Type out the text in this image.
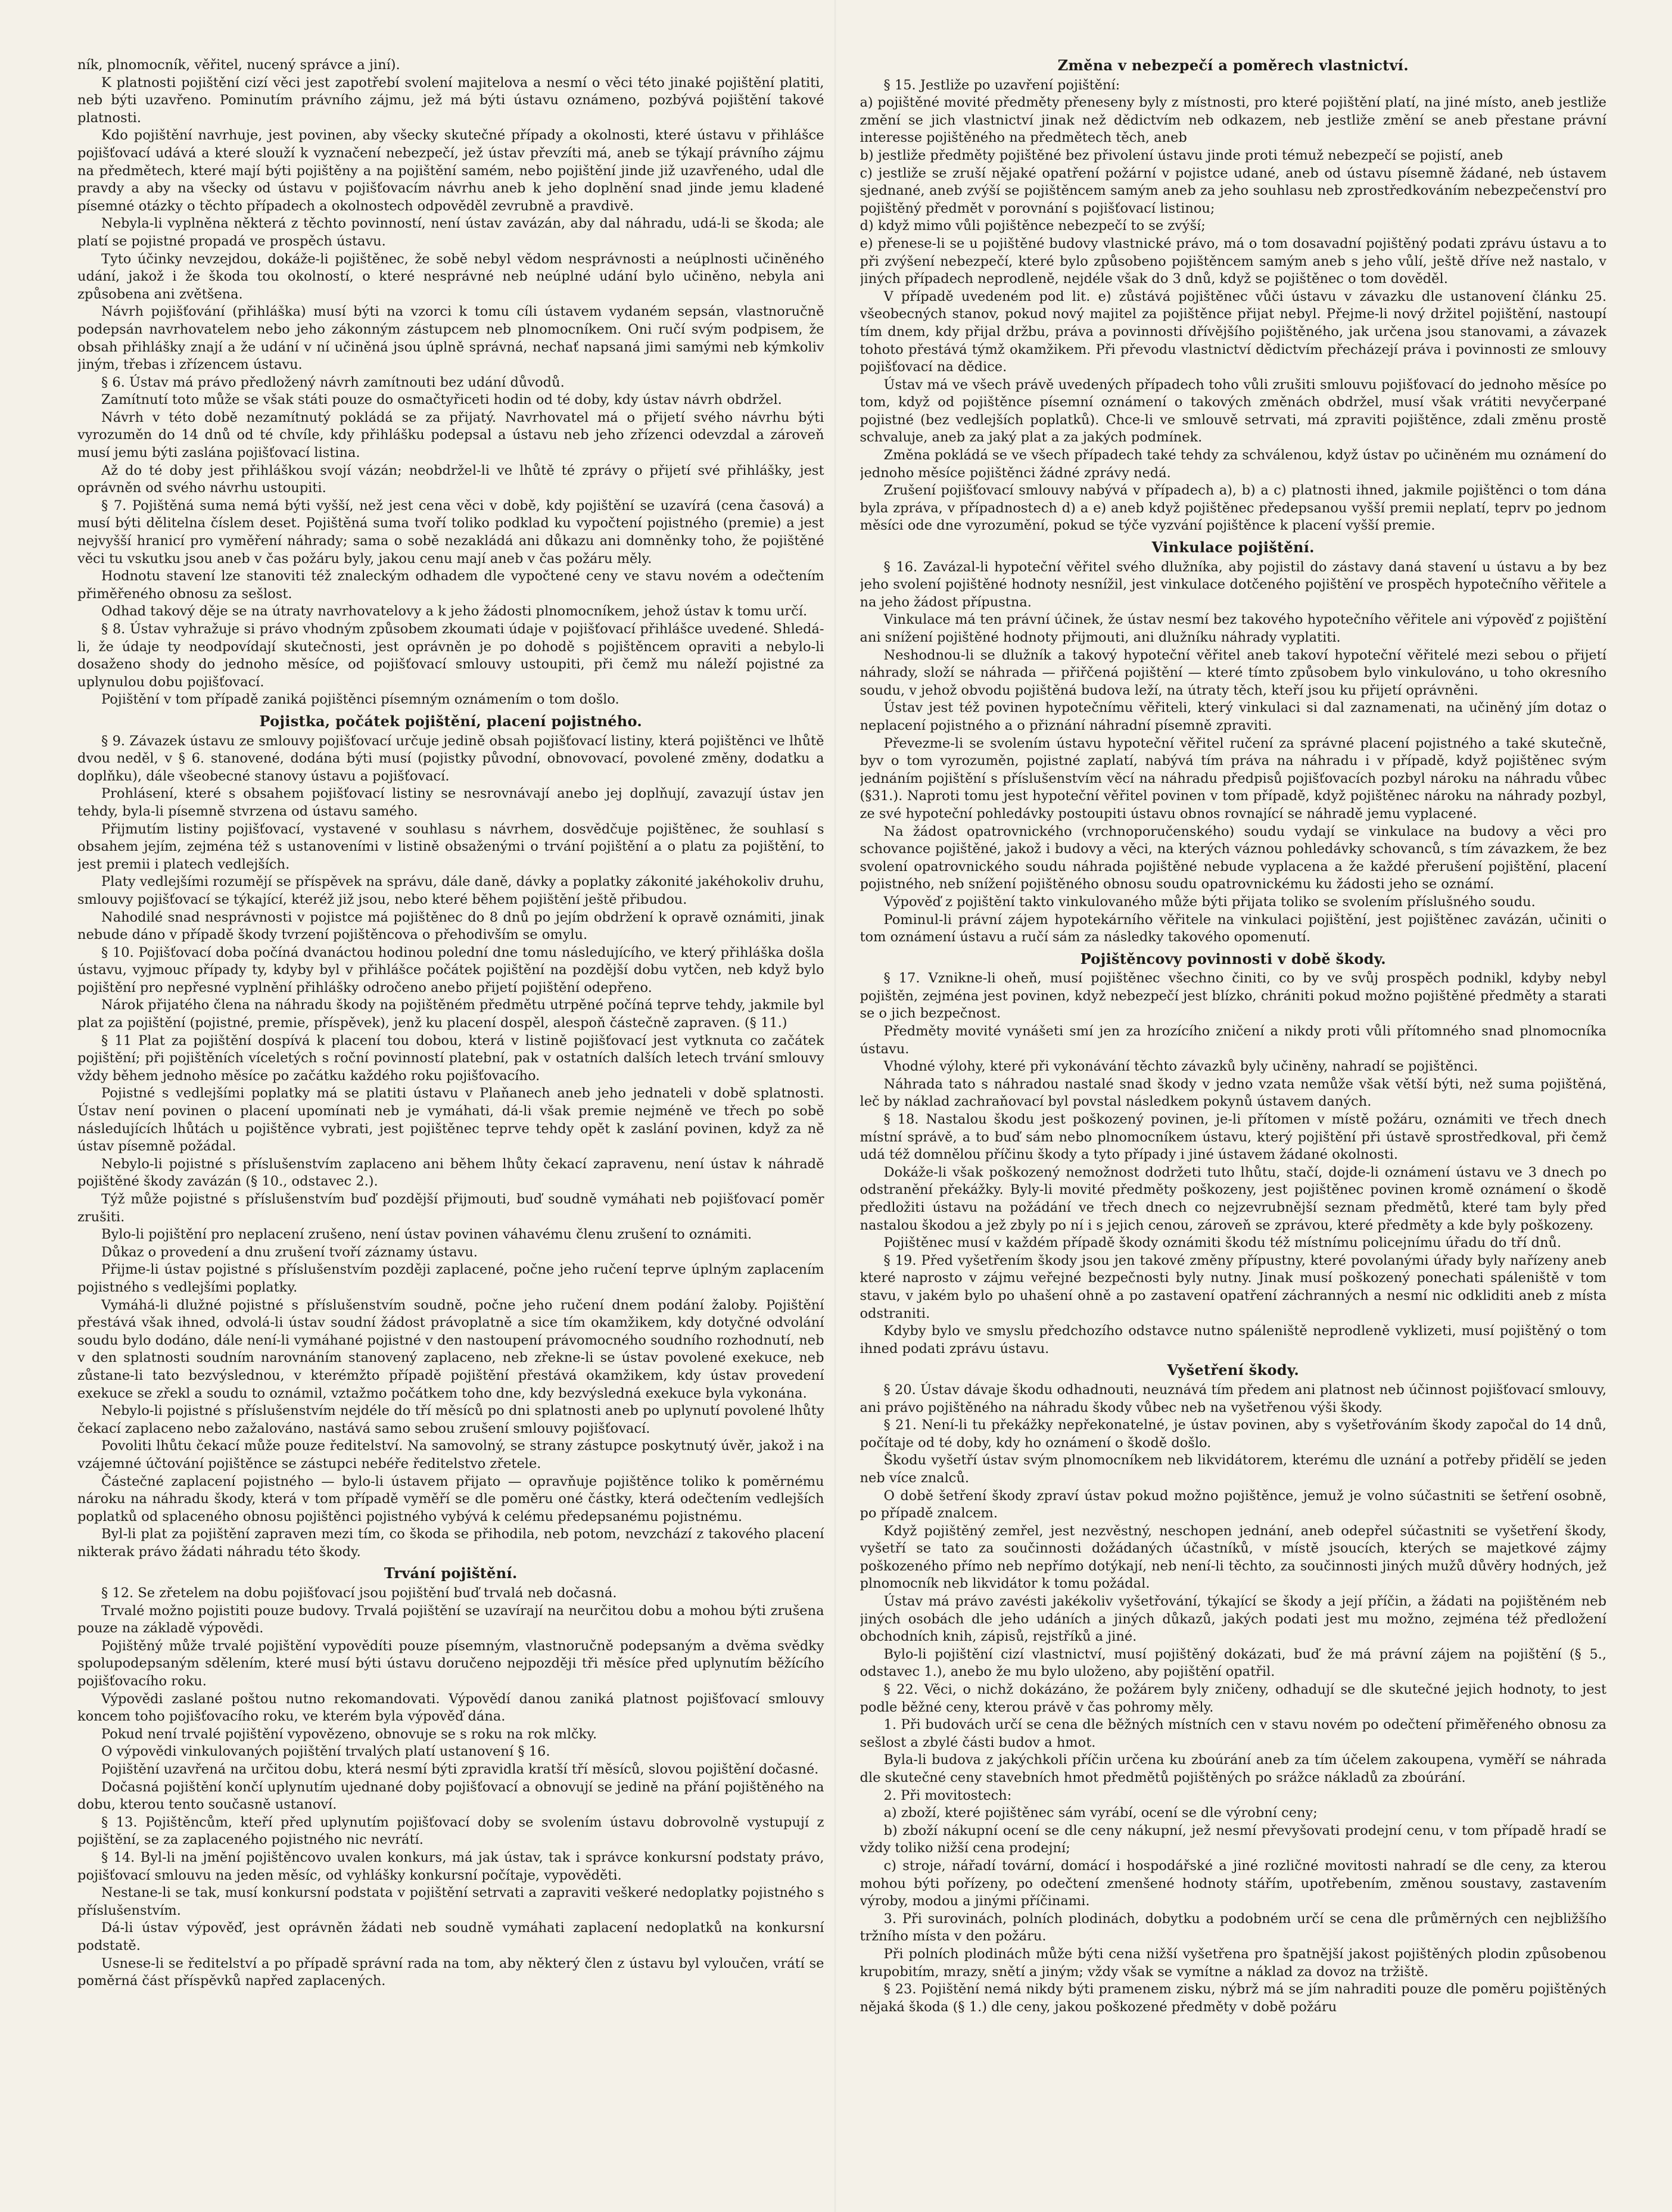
ník, plnomocník, věřitel, nucený správce a jiní).

K platnosti pojištění cizí věci jest zapotřebí svolení majitelova a nesmí o věci této jinaké pojištění platiti, neb býti uzavřeno. Pominutím právního zájmu, jež má býti ústavu oznámeno, pozbývá pojištění takové platnosti.

Kdo pojištění navrhuje, jest povinen, aby všecky skutečné případy a okolnosti, které ústavu v přihlášce pojišťovací udává a které slouží k vyznačení nebezpečí, jež ústav převzíti má, aneb se týkají právního zájmu na předmětech, které mají býti pojištěny a na pojištění samém, nebo pojištění jinde již uzavřeného, udal dle pravdy a aby na všecky od ústavu v pojišťovacím návrhu aneb k jeho doplnění snad jinde jemu kladené písemné otázky o těchto případech a okolnostech odpověděl zevrubně a pravdivě.

Nebyla-li vyplněna některá z těchto povinností, není ústav zavázán, aby dal náhradu, udá-li se škoda; ale platí se pojistné propadá ve prospěch ústavu.

Tyto účinky nevzejdou, dokáže-li pojištěnec, že sobě nebyl vědom nesprávnosti a neúplnosti učiněného udání, jakož i že škoda tou okolností, o které nesprávné neb neúplné udání bylo učiněno, nebyla ani způsobena ani zvětšena.

Návrh pojišťování (přihláška) musí býti na vzorci k tomu cíli ústavem vydaném sepsán, vlastnoručně podepsán navrhovatelem nebo jeho zákonným zástupcem neb plnomocníkem. Oni ručí svým podpisem, že obsah přihlášky znají a že udání v ní učiněná jsou úplně správná, nechať napsaná jimi samými neb kýmkoliv jiným, třebas i zřízencem ústavu.

§ 6. Ústav má právo předložený návrh zamítnouti bez udání důvodů.

Zamítnutí toto může se však státi pouze do osmačtyřiceti hodin od té doby, kdy ústav návrh obdržel.

Návrh v této době nezamítnutý pokládá se za přijatý. Navrhovatel má o přijetí svého návrhu býti vyrozuměn do 14 dnů od té chvíle, kdy přihlášku podepsal a ústavu neb jeho zřízenci odevzdal a zároveň musí jemu býti zaslána pojišťovací listina.

Až do té doby jest přihláškou svojí vázán; neobdržel-li ve lhůtě té zprávy o přijetí své přihlášky, jest oprávněn od svého návrhu ustoupiti.

§ 7. Pojištěná suma nemá býti vyšší, než jest cena věci v době, kdy pojištění se uzavírá (cena časová) a musí býti dělitelna číslem deset. Pojištěná suma tvoří toliko podklad ku vypočtení pojistného (premie) a jest nejvyšší hranicí pro vyměření náhrady; sama o sobě nezakládá ani důkazu ani domněnky toho, že pojištěné věci tu vskutku jsou aneb v čas požáru byly, jakou cenu mají aneb v čas požáru měly.

Hodnotu stavení lze stanoviti též znaleckým odhadem dle vypočtené ceny ve stavu novém a odečtením přiměřeného obnosu za sešlost.

Odhad takový děje se na útraty navrhovatelovy a k jeho žádosti plnomocníkem, jehož ústav k tomu určí.

§ 8. Ústav vyhražuje si právo vhodným způsobem zkoumati údaje v pojišťovací přihlášce uvedené. Shledá-li, že údaje ty neodpovídají skutečnosti, jest oprávněn je po dohodě s pojištěncem opraviti a nebylo-li dosaženo shody do jednoho měsíce, od pojišťovací smlouvy ustoupiti, při čemž mu náleží pojistné za uplynulou dobu pojišťovací.

Pojištění v tom případě zaniká pojištěnci písemným oznámením o tom došlo.

Pojistka, počátek pojištění, placení pojistného.

§ 9. Závazek ústavu ze smlouvy pojišťovací určuje jedině obsah pojišťovací listiny, která pojištěnci ve lhůtě dvou neděl, v § 6. stanovené, dodána býti musí (pojistky původní, obnovovací, povolené změny, dodatku a doplňku), dále všeobecné stanovy ústavu a pojišťovací.

Prohlásení, které s obsahem pojišťovací listiny se nesrovnávají anebo jej doplňují, zavazují ústav jen tehdy, byla-li písemně stvrzena od ústavu samého.

Přijmutím listiny pojišťovací, vystavené v souhlasu s návrhem, dosvědčuje pojištěnec, že souhlasí s obsahem jejím, zejména též s ustanoveními v listině obsaženými o trvání pojištění a o platu za pojištění, to jest premii i platech vedlejších.

Platy vedlejšími rozumějí se příspěvek na správu, dále daně, dávky a poplatky zákonité jakéhokoliv druhu, smlouvy pojišťovací se týkající, kteréž již jsou, nebo které během pojištění ještě přibudou.

Nahodilé snad nesprávnosti v pojistce má pojištěnec do 8 dnů po jejím obdržení k opravě oznámiti, jinak nebude dáno v případě škody tvrzení pojištěncova o přehodivším se omylu.

§ 10. Pojišťovací doba počíná dvanáctou hodinou polední dne tomu následujícího, ve který přihláška došla ústavu, vyjmouc případy ty, kdyby byl v přihlášce počátek pojištění na pozdější dobu vytčen, neb když bylo pojištění pro nepřesné vyplnění přihlášky odročeno anebo přijetí pojištění odepřeno.

Nárok přijatého člena na náhradu škody na pojištěném předmětu utrpěné počíná teprve tehdy, jakmile byl plat za pojištění (pojistné, premie, příspěvek), jenž ku placení dospěl, alespoň částečně zapraven. (§ 11.)

§ 11 Plat za pojištění dospívá k placení tou dobou, která v listině pojišťovací jest vytknuta co začátek pojištění; při pojištěních víceletých s roční povinností platební, pak v ostatních dalších letech trvání smlouvy vždy během jednoho měsíce po začátku každého roku pojišťovacího.

Pojistné s vedlejšími poplatky má se platiti ústavu v Plaňanech aneb jeho jednateli v době splatnosti. Ústav není povinen o placení upomínati neb je vymáhati, dá-li však premie nejméně ve třech po sobě následujících lhůtách u pojištěnce vybrati, jest pojištěnec teprve tehdy opět k zaslání povinen, když za ně ústav písemně požádal.

Nebylo-li pojistné s příslušenstvím zaplaceno ani během lhůty čekací zapravenu, není ústav k náhradě pojištěné škody zavázán (§ 10., odstavec 2.).

Týž může pojistné s příslušenstvím buď pozdější přijmouti, buď soudně vymáhati neb pojišťovací poměr zrušiti.

Bylo-li pojištění pro neplacení zrušeno, není ústav povinen váhavému členu zrušení to oznámiti.

Důkaz o provedení a dnu zrušení tvoří záznamy ústavu.

Přijme-li ústav pojistné s příslušenstvím později zaplacené, počne jeho ručení teprve úplným zaplacením pojistného s vedlejšími poplatky.

Vymáhá-li dlužné pojistné s příslušenstvím soudně, počne jeho ručení dnem podání žaloby. Pojištění přestává však ihned, odvolá-li ústav soudní žádost právoplatně a sice tím okamžikem, kdy dotyčné odvolání soudu bylo dodáno, dále není-li vymáhané pojistné v den nastoupení právomocného soudního rozhodnutí, neb v den splatnosti soudním narovnáním stanovený zaplaceno, neb zřekne-li se ústav povolené exekuce, neb zůstane-li tato bezvýslednou, v kterémžto případě pojištění přestává okamžikem, kdy ústav provedení exekuce se zřekl a soudu to oznámil, vztažmo počátkem toho dne, kdy bezvýsledná exekuce byla vykonána.

Nebylo-li pojistné s příslušenstvím nejdéle do tří měsíců po dni splatnosti aneb po uplynutí povolené lhůty čekací zaplaceno nebo zažalováno, nastává samo sebou zrušení smlouvy pojišťovací.

Povoliti lhůtu čekací může pouze ředitelství. Na samovolný, se strany zástupce poskytnutý úvěr, jakož i na vzájemné účtování pojištěnce se zástupci nebéře ředitelstvo zřetele.

Částečné zaplacení pojistného — bylo-li ústavem přijato — opravňuje pojištěnce toliko k poměrnému nároku na náhradu škody, která v tom případě vyměří se dle poměru oné částky, která odečtením vedlejších poplatků od splaceného obnosu pojištěnci pojistného vybývá k celému předepsanému pojistnému.

Byl-li plat za pojištění zapraven mezi tím, co škoda se přihodila, neb potom, nevzchází z takového placení nikterak právo žádati náhradu této škody.

Trvání pojištění.

§ 12. Se zřetelem na dobu pojišťovací jsou pojištění buď trvalá neb dočasná.

Trvalé možno pojistiti pouze budovy. Trvalá pojištění se uzavírají na neurčitou dobu a mohou býti zrušena pouze na základě výpovědi.

Pojištěný může trvalé pojištění vypovědíti pouze písemným, vlastnoručně podepsaným a dvěma svědky spolupodepsaným sdělením, které musí býti ústavu doručeno nejpozději tři měsíce před uplynutím běžícího pojišťovacího roku.

Výpovědi zaslané poštou nutno rekomandovati. Výpovědí danou zaniká platnost pojišťovací smlouvy koncem toho pojišťovacího roku, ve kterém byla výpověď dána.

Pokud není trvalé pojištění vypovězeno, obnovuje se s roku na rok mlčky.

O výpovědi vinkulovaných pojištění trvalých platí ustanovení § 16.

Pojištění uzavřená na určitou dobu, která nesmí býti zpravidla kratší tří měsíců, slovou pojištění dočasné.

Dočasná pojištění končí uplynutím ujednané doby pojišťovací a obnovují se jedině na přání pojištěného na dobu, kterou tento současně ustanoví.

§ 13. Pojištěncům, kteří před uplynutím pojišťovací doby se svolením ústavu dobrovolně vystupují z pojištění, se za zaplaceného pojistného nic nevrátí.

§ 14. Byl-li na jmění pojištěncovo uvalen konkurs, má jak ústav, tak i správce konkursní podstaty právo, pojišťovací smlouvu na jeden měsíc, od vyhlášky konkursní počítaje, vypověděti.

Nestane-li se tak, musí konkursní podstata v pojištění setrvati a zapraviti veškeré nedoplatky pojistného s příslušenstvím.

Dá-li ústav výpověď, jest oprávněn žádati neb soudně vymáhati zaplacení nedoplatků na konkursní podstatě.

Usnese-li se ředitelství a po případě správní rada na tom, aby některý člen z ústavu byl vyloučen, vrátí se poměrná část příspěvků napřed zaplacených.

Změna v nebezpečí a poměrech vlastnictví.

§ 15. Jestliže po uzavření pojištění:

a) pojištěné movité předměty přeneseny byly z místnosti, pro které pojištění platí, na jiné místo, aneb jestliže změní se jich vlastnictví jinak než dědictvím neb odkazem, neb jestliže změní se aneb přestane právní interesse pojištěného na předmětech těch, aneb

b) jestliže předměty pojištěné bez přivolení ústavu jinde proti témuž nebezpečí se pojistí, aneb

c) jestliže se zruší nějaké opatření požární v pojistce udané, aneb od ústavu písemně žádané, neb ústavem sjednané, aneb zvýší se pojištěncem samým aneb za jeho souhlasu neb zprostředkováním nebezpečenství pro pojištěný předmět v porovnání s pojišťovací listinou;

d) když mimo vůli pojištěnce nebezpečí to se zvýší;

e) přenese-li se u pojištěné budovy vlastnické právo, má o tom dosavadní pojištěný podati zprávu ústavu a to při zvýšení nebezpečí, které bylo způsobeno pojištěncem samým aneb s jeho vůlí, ještě dříve než nastalo, v jiných případech neprodleně, nejdéle však do 3 dnů, když se pojištěnec o tom dověděl.

V případě uvedeném pod lit. e) zůstává pojištěnec vůči ústavu v závazku dle ustanovení článku 25. všeobecných stanov, pokud nový majitel za pojištěnce přijat nebyl. Přejme-li nový držitel pojištění, nastoupí tím dnem, kdy přijal držbu, práva a povinnosti dřívějšího pojištěného, jak určena jsou stanovami, a závazek tohoto přestává týmž okamžikem. Při převodu vlastnictví dědictvím přecházejí práva i povinnosti ze smlouvy pojišťovací na dědice.

Ústav má ve všech právě uvedených případech toho vůli zrušiti smlouvu pojišťovací do jednoho měsíce po tom, když od pojištěnce písemní oznámení o takových změnách obdržel, musí však vrátiti nevyčerpané pojistné (bez vedlejších poplatků). Chce-li ve smlouvě setrvati, má zpraviti pojištěnce, zdali změnu prostě schvaluje, aneb za jaký plat a za jakých podmínek.

Změna pokládá se ve všech případech také tehdy za schválenou, když ústav po učiněném mu oznámení do jednoho měsíce pojištěnci žádné zprávy nedá.

Zrušení pojišťovací smlouvy nabývá v případech a), b) a c) platnosti ihned, jakmile pojištěnci o tom dána byla zpráva, v případnostech d) a e) aneb když pojištěnec předepsanou vyšší premii neplatí, teprv po jednom měsíci ode dne vyrozumění, pokud se týče vyzvání pojištěnce k placení vyšší premie.

Vinkulace pojištění.

§ 16. Zavázal-li hypoteční věřitel svého dlužníka, aby pojistil do zástavy daná stavení u ústavu a by bez jeho svolení pojištěné hodnoty nesnížil, jest vinkulace dotčeného pojištění ve prospěch hypotečního věřitele a na jeho žádost přípustna.

Vinkulace má ten právní účinek, že ústav nesmí bez takového hypotečního věřitele ani výpověď z pojištění ani snížení pojištěné hodnoty přijmouti, ani dlužníku náhrady vyplatiti.

Neshodnou-li se dlužník a takový hypoteční věřitel aneb takoví hypoteční věřitelé mezi sebou o přijetí náhrady, složí se náhrada — přiřčená pojištění — které tímto způsobem bylo vinkulováno, u toho okresního soudu, v jehož obvodu pojištěná budova leží, na útraty těch, kteří jsou ku přijetí oprávněni.

Ústav jest též povinen hypotečnímu věřiteli, který vinkulaci si dal zaznamenati, na učiněný jím dotaz o neplacení pojistného a o přiznání náhradní písemně zpraviti.

Převezme-li se svolením ústavu hypoteční věřitel ručení za správné placení pojistného a také skutečně, byv o tom vyrozuměn, pojistné zaplatí, nabývá tím práva na náhradu i v případě, když pojištěnec svým jednáním pojištění s příslušenstvím věcí na náhradu předpisů pojišťovacích pozbyl nároku na náhradu vůbec (§31.). Naproti tomu jest hypoteční věřitel povinen v tom případě, když pojištěnec nároku na náhrady pozbyl, ze své hypoteční pohledávky postoupiti ústavu obnos rovnající se náhradě jemu vyplacené.

Na žádost opatrovnického (vrchnoporučenského) soudu vydají se vinkulace na budovy a věci pro schovance pojištěné, jakož i budovy a věci, na kterých váznou pohledávky schovanců, s tím závazkem, že bez svolení opatrovnického soudu náhrada pojištěné nebude vyplacena a že každé přerušení pojištění, placení pojistného, neb snížení pojištěného obnosu soudu opatrovnickému ku žádosti jeho se oznámí.

Výpověď z pojištění takto vinkulovaného může býti přijata toliko se svolením příslušného soudu.

Pominul-li právní zájem hypotekárního věřitele na vinkulaci pojištění, jest pojištěnec zavázán, učiniti o tom oznámení ústavu a ručí sám za následky takového opomenutí.

Pojištěncovy povinnosti v době škody.

§ 17. Vznikne-li oheň, musí pojištěnec všechno činiti, co by ve svůj prospěch podnikl, kdyby nebyl pojištěn, zejména jest povinen, když nebezpečí jest blízko, chrániti pokud možno pojištěné předměty a starati se o jich bezpečnost.

Předměty movité vynášeti smí jen za hrozícího zničení a nikdy proti vůli přítomného snad plnomocníka ústavu.

Vhodné výlohy, které při vykonávání těchto závazků byly učiněny, nahradí se pojištěnci.

Náhrada tato s náhradou nastalé snad škody v jedno vzata nemůže však větší býti, než suma pojištěná, leč by náklad zachraňovací byl povstal následkem pokynů ústavem daných.

§ 18. Nastalou škodu jest poškozený povinen, je-li přítomen v místě požáru, oznámiti ve třech dnech místní správě, a to buď sám nebo plnomocníkem ústavu, který pojištění při ústavě sprostředkoval, při čemž udá též domnělou příčinu škody a tyto případy i jiné ústavem žádané okolnosti.

Dokáže-li však poškozený nemožnost dodržeti tuto lhůtu, stačí, dojde-li oznámení ústavu ve 3 dnech po odstranění překážky. Byly-li movité předměty poškozeny, jest pojištěnec povinen kromě oznámení o škodě předložiti ústavu na požádání ve třech dnech co nejzevrubnější seznam předmětů, které tam byly před nastalou škodou a jež zbyly po ní i s jejich cenou, zároveň se zprávou, které předměty a kde byly poškozeny.

Pojištěnec musí v každém případě škody oznámiti škodu též místnímu policejnímu úřadu do tří dnů.

§ 19. Před vyšetřením škody jsou jen takové změny přípustny, které povolanými úřady byly nařízeny aneb které naprosto v zájmu veřejné bezpečnosti byly nutny. Jinak musí poškozený ponechati spáleniště v tom stavu, v jakém bylo po uhašení ohně a po zastavení opatření záchranných a nesmí nic odkliditi aneb z místa odstraniti.

Kdyby bylo ve smyslu předchozího odstavce nutno spáleniště neprodleně vyklizeti, musí pojištěný o tom ihned podati zprávu ústavu.

Vyšetření škody.

§ 20. Ústav dávaje škodu odhadnouti, neuznává tím předem ani platnost neb účinnost pojišťovací smlouvy, ani právo pojištěného na náhradu škody vůbec neb na vyšetřenou výši škody.

§ 21. Není-li tu překážky nepřekonatelné, je ústav povinen, aby s vyšetřováním škody započal do 14 dnů, počítaje od té doby, kdy ho oznámení o škodě došlo.

Škodu vyšetří ústav svým plnomocníkem neb likvidátorem, kterému dle uznání a potřeby přidělí se jeden neb více znalců.

O době šetření škody zpraví ústav pokud možno pojištěnce, jemuž je volno súčastniti se šetření osobně, po případě znalcem.

Když pojištěný zemřel, jest nezvěstný, neschopen jednání, aneb odepřel súčastniti se vyšetření škody, vyšetří se tato za součinnosti dožádaných účastníků, v místě jsoucích, kterých se majetkové zájmy poškozeného přímo neb nepřímo dotýkají, neb není-li těchto, za součinnosti jiných mužů důvěry hodných, jež plnomocník neb likvidátor k tomu požádal.

Ústav má právo zavésti jakékoliv vyšetřování, týkající se škody a její příčin, a žádati na pojištěném neb jiných osobách dle jeho udáních a jiných důkazů, jakých podati jest mu možno, zejména též předložení obchodních knih, zápisů, rejstříků a jiné.

Bylo-li pojištění cizí vlastnictví, musí pojištěný dokázati, buď že má právní zájem na pojištění (§ 5., odstavec 1.), anebo že mu bylo uloženo, aby pojištění opatřil.

§ 22. Věci, o nichž dokázáno, že požárem byly zničeny, odhadují se dle skutečné jejich hodnoty, to jest podle běžné ceny, kterou právě v čas pohromy měly.

1. Při budovách určí se cena dle běžných místních cen v stavu novém po odečtení přiměřeného obnosu za sešlost a zbylé části budov a hmot.

Byla-li budova z jakýchkoli příčin určena ku zboúrání aneb za tím účelem zakoupena, vyměří se náhrada dle skutečné ceny stavebních hmot předmětů pojištěných po srážce nákladů za zboúrání.

2. Při movitostech:

a) zboží, které pojištěnec sám vyrábí, ocení se dle výrobní ceny;

b) zboží nákupní ocení se dle ceny nákupní, jež nesmí převyšovati prodejní cenu, v tom případě hradí se vždy toliko nižší cena prodejní;

c) stroje, nářadí tovární, domácí i hospodářské a jiné rozličné movitosti nahradí se dle ceny, za kterou mohou býti pořízeny, po odečtení zmenšené hodnoty stářím, upotřebením, změnou soustavy, zastavením výroby, modou a jinými příčinami.

3. Při surovinách, polních plodinách, dobytku a podobném určí se cena dle průměrných cen nejbližšího tržního místa v den požáru.

Při polních plodinách může býti cena nižší vyšetřena pro špatnější jakost pojištěných plodin způsobenou krupobitím, mrazy, snětí a jiným; vždy však se vymítne a náklad za dovoz na tržiště.

§ 23. Pojištění nemá nikdy býti pramenem zisku, nýbrž má se jím nahraditi pouze dle poměru pojištěných nějaká škoda (§ 1.) dle ceny, jakou poškozené předměty v době požáru
